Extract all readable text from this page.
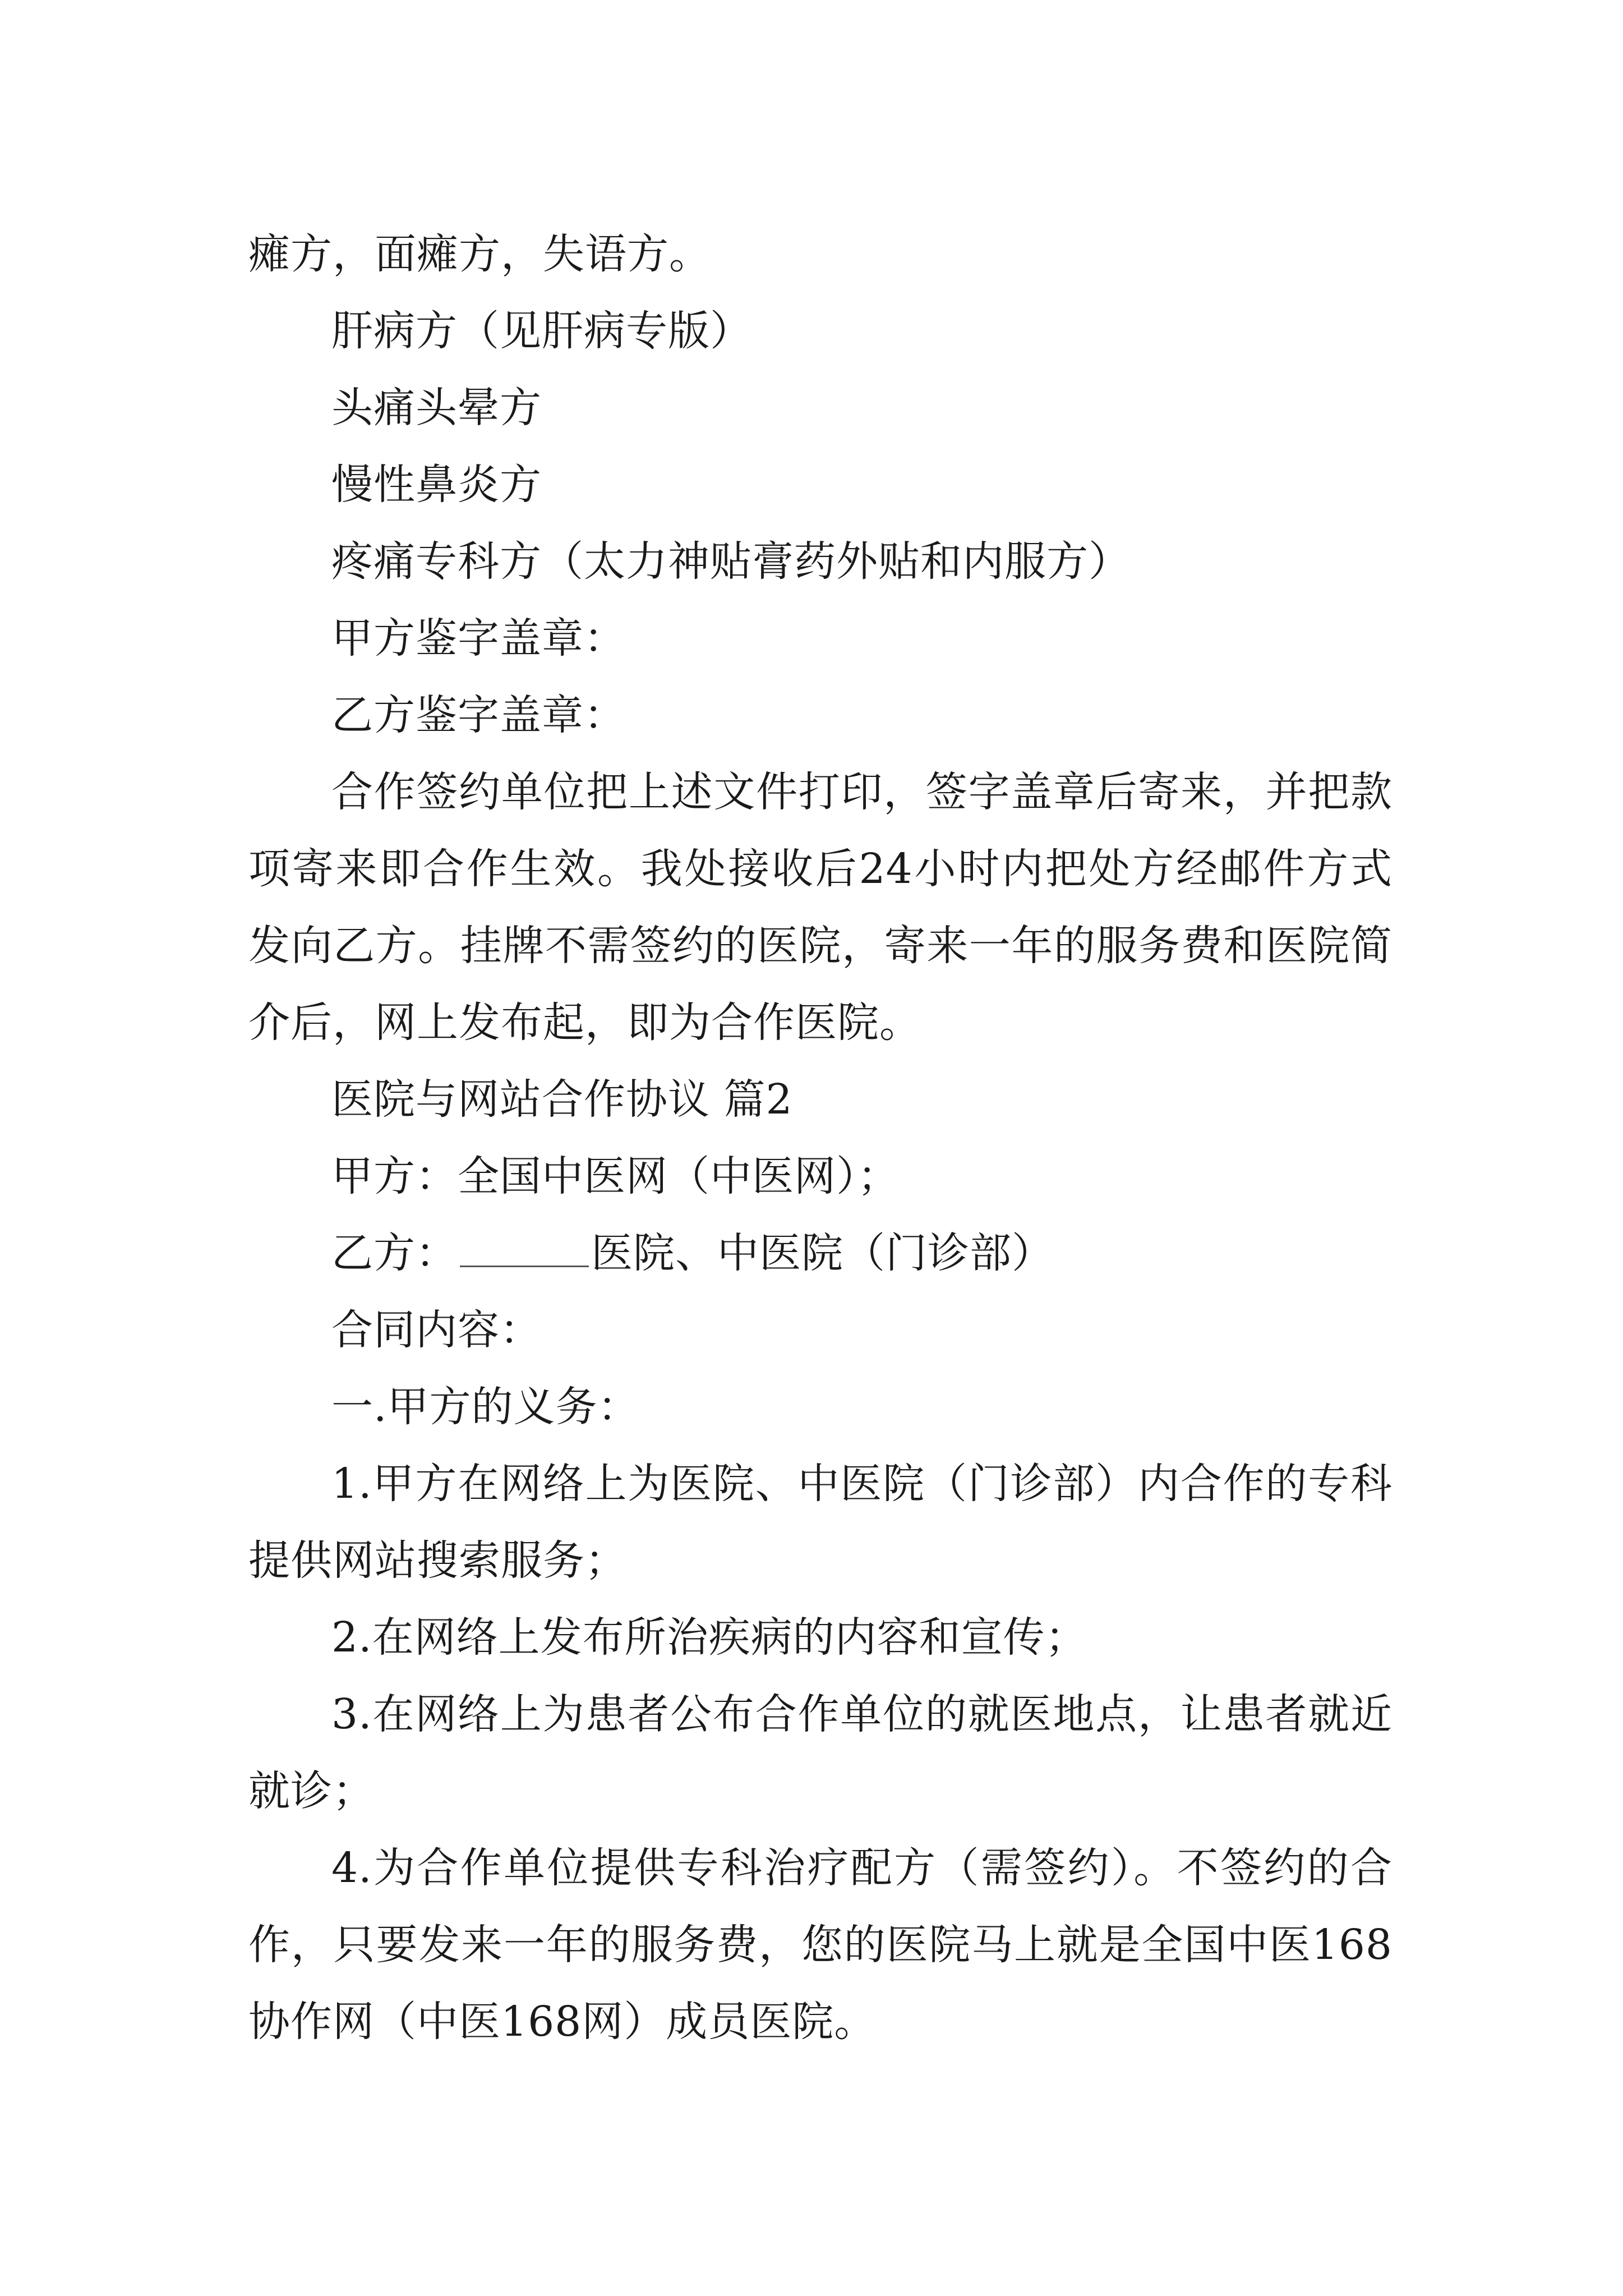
瘫方，面瘫方，失语方。

肝病方（见肝病专版）

头痛头晕方

慢性鼻炎方

疼痛专科方（太力神贴膏药外贴和内服方）

甲方鉴字盖章：

乙方鉴字盖章：

合作签约单位把上述文件打印，签字盖章后寄来，并把款项寄来即合作生效。我处接收后24小时内把处方经邮件方式发向乙方。挂牌不需签约的医院，寄来一年的服务费和医院简介后，网上发布起，即为合作医院。

医院与网站合作协议 篇2

甲方：全国中医网（中医网）；

乙方：	医院、中医院（门诊部）

合同内容：

一.甲方的义务：

1.甲方在网络上为医院、中医院（门诊部）内合作的专科提供网站搜索服务；

2.在网络上发布所治疾病的内容和宣传；

3.在网络上为患者公布合作单位的就医地点，让患者就近就诊；

4.为合作单位提供专科治疗配方（需签约）。不签约的合作，只要发来一年的服务费，您的医院马上就是全国中医168协作网（中医168网）成员医院。
